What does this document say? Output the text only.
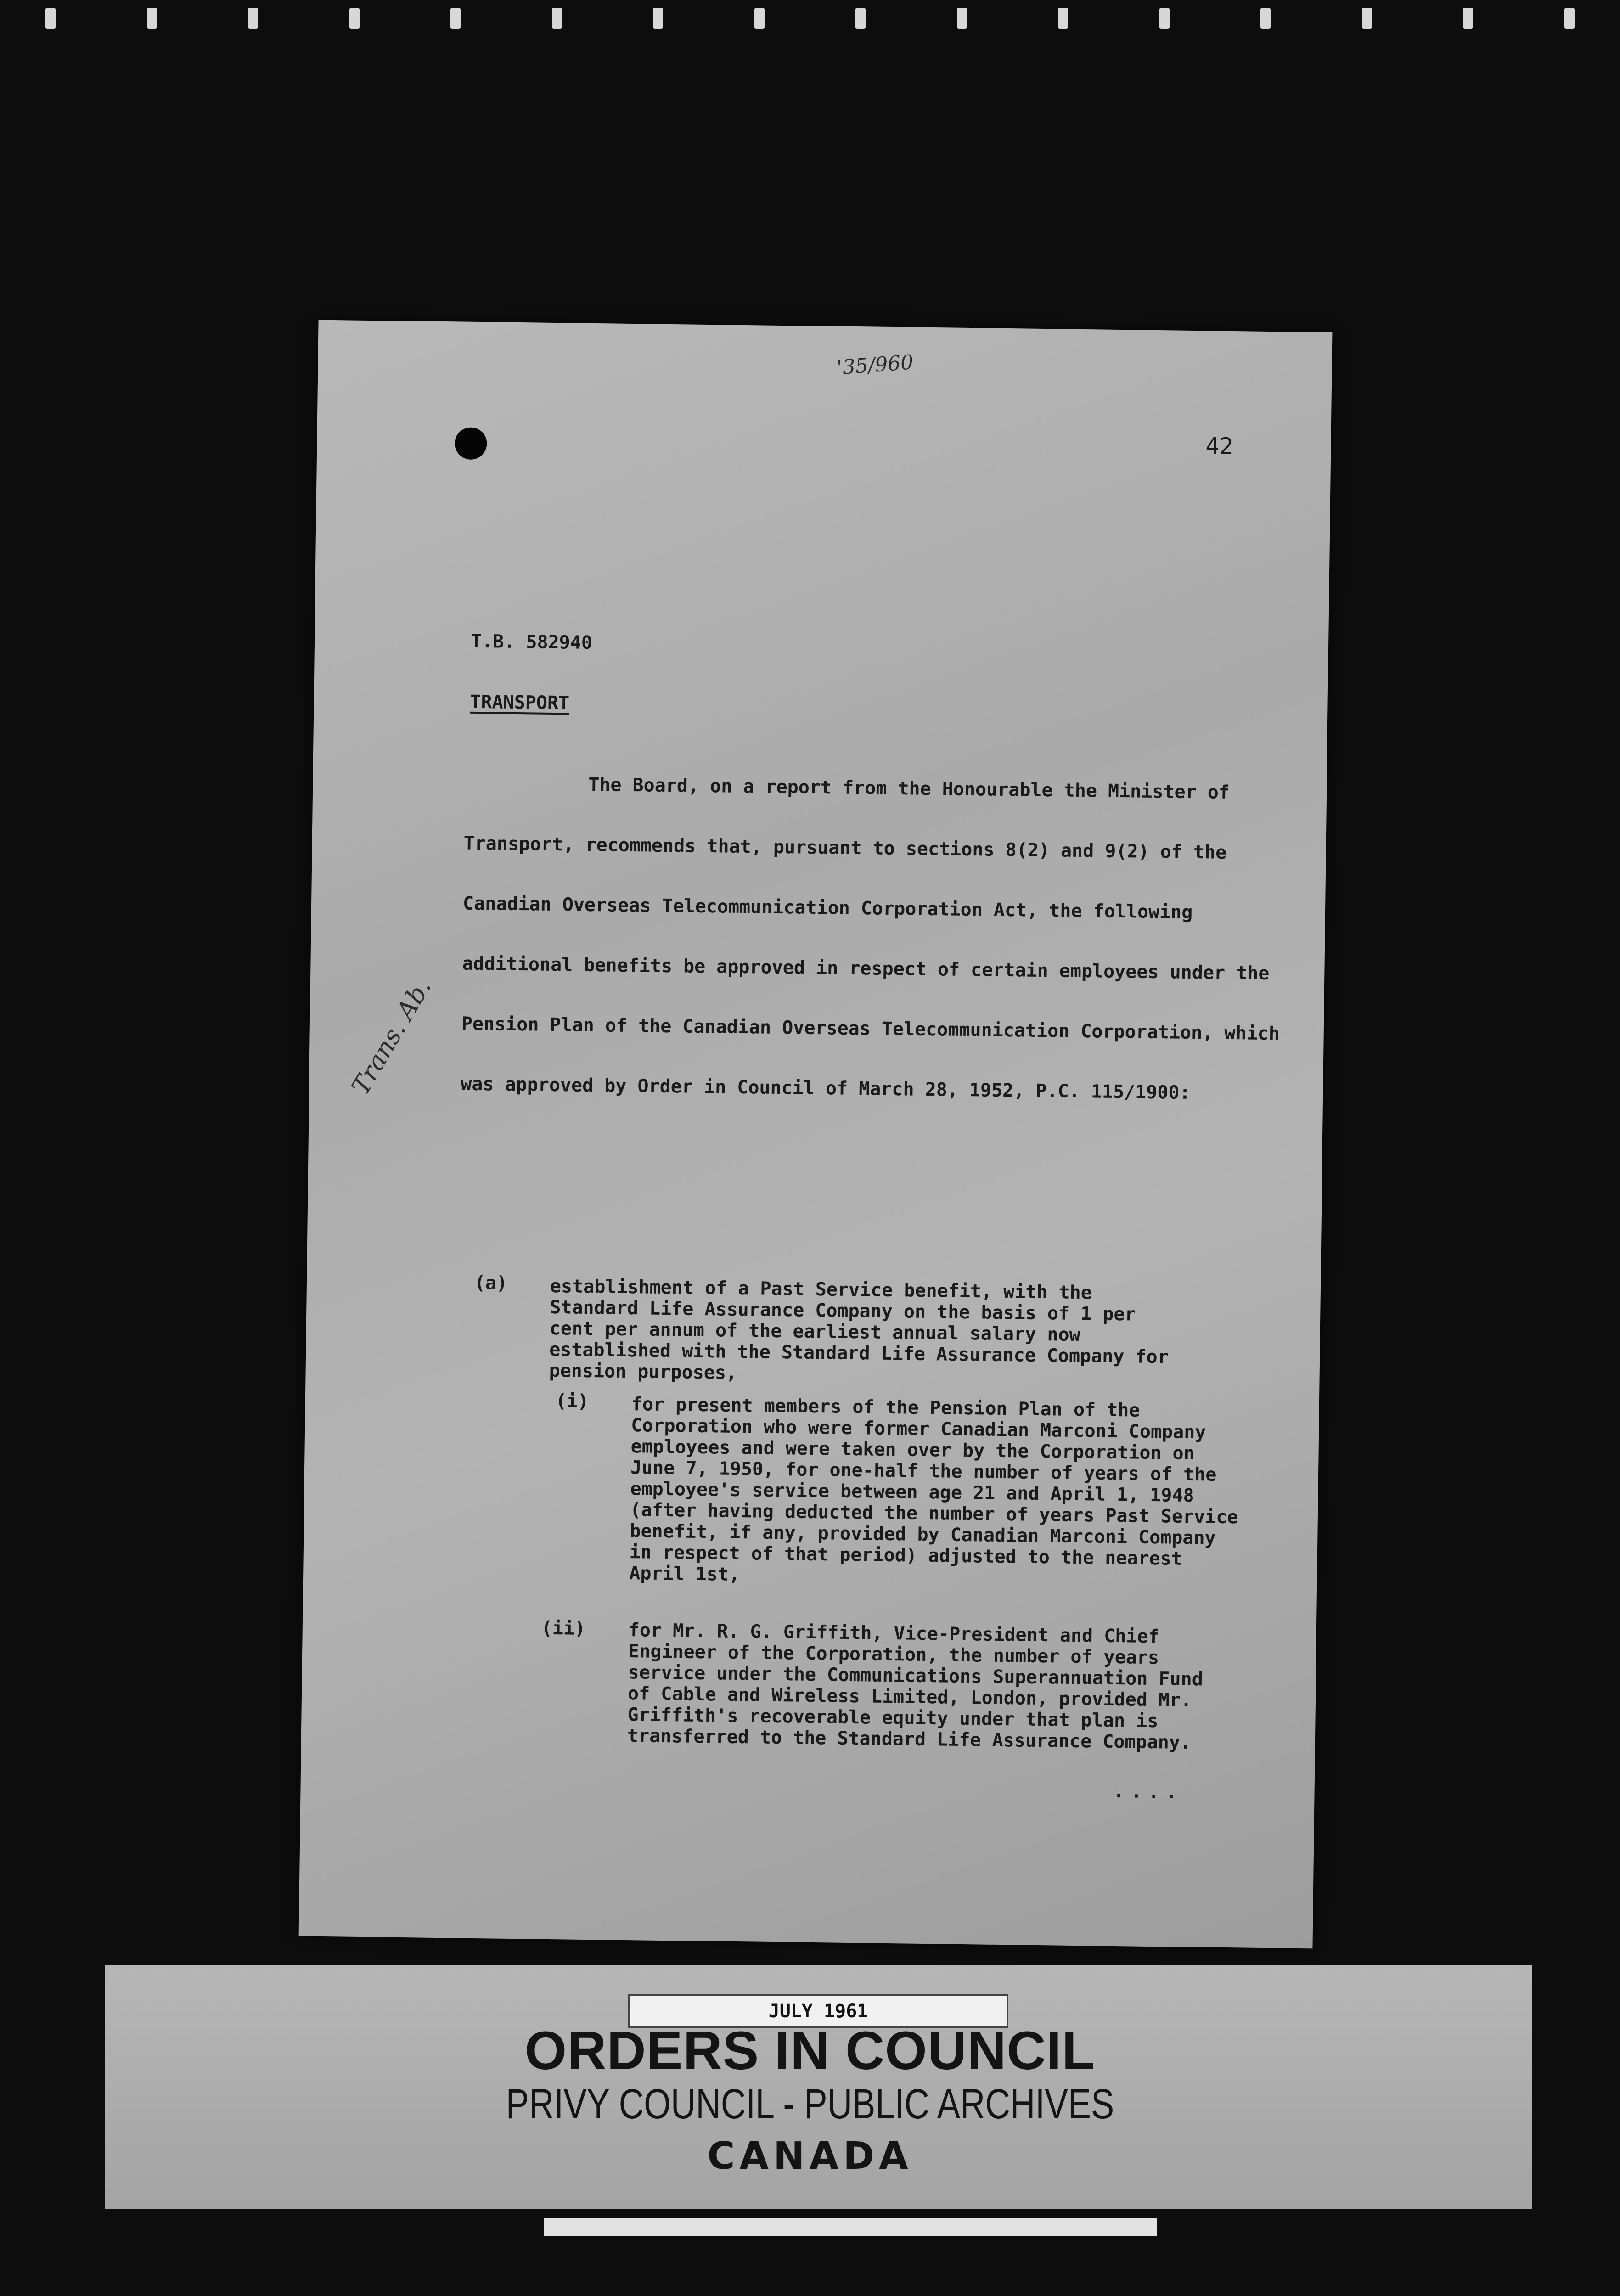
'35/960
42
Trans. Ab.
T.B. 582940
TRANSPORT
The Board, on a report from the Honourable the Minister of Transport, recommends that, pursuant to sections 8(2) and 9(2) of the Canadian Overseas Telecommunication Corporation Act, the following additional benefits be approved in respect of certain employees under the Pension Plan of the Canadian Overseas Telecommunication Corporation, which was approved by Order in Council of March 28, 1952, P.C. 115/1900:
(a) establishment of a Past Service benefit, with the Standard Life Assurance Company on the basis of 1 per cent per annum of the earliest annual salary now established with the Standard Life Assurance Company for pension purposes,
(i) for present members of the Pension Plan of the Corporation who were former Canadian Marconi Company employees and were taken over by the Corporation on June 7, 1950, for one-half the number of years of the employee's service between age 21 and April 1, 1948 (after having deducted the number of years Past Service benefit, if any, provided by Canadian Marconi Company in respect of that period) adjusted to the nearest April 1st,
(ii) for Mr. R. G. Griffith, Vice-President and Chief Engineer of the Corporation, the number of years service under the Communications Superannuation Fund of Cable and Wireless Limited, London, provided Mr. Griffith's recoverable equity under that plan is transferred to the Standard Life Assurance Company.
....
JULY 1961
ORDERS IN COUNCIL
PRIVY COUNCIL - PUBLIC ARCHIVES
CANADA
